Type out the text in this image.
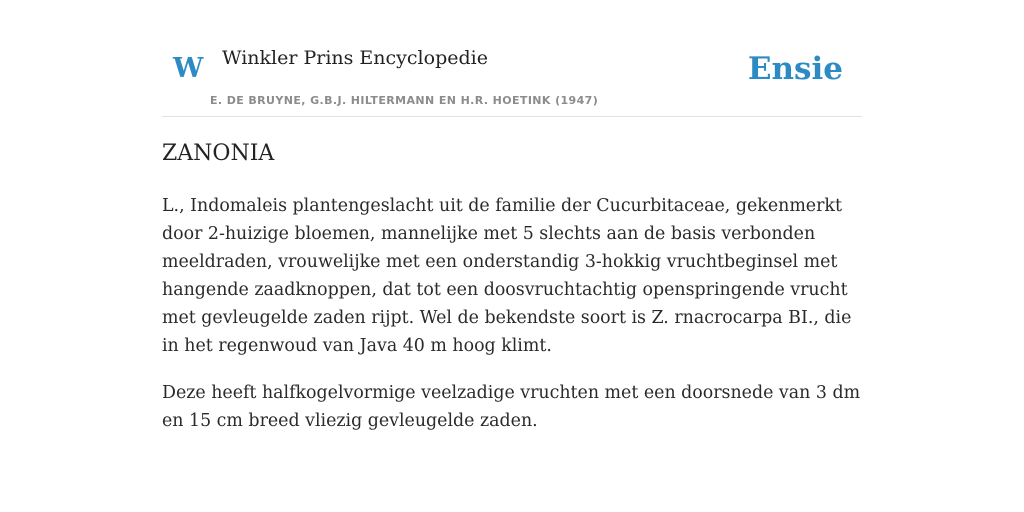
W Winkler Prins Encyclopedie
E. DE BRUYNE, G.B.J. HILTERMANN EN H.R. HOETINK (1947)
Ensie
ZANONIA

L., Indomaleis plantengeslacht uit de familie der Cucurbitaceae, gekenmerkt door 2-huizige bloemen, mannelijke met 5 slechts aan de basis verbonden meeldraden, vrouwelijke met een onderstandig 3-hokkig vruchtbeginsel met hangende zaadknoppen, dat tot een doosvruchtachtig openspringende vrucht met gevleugelde zaden rijpt. Wel de bekendste soort is Z. rnacrocarpa BI., die in het regenwoud van Java 40 m hoog klimt.

Deze heeft halfkogelvormige veelzadige vruchten met een doorsnede van 3 dm en 15 cm breed vliezig gevleugelde zaden.
